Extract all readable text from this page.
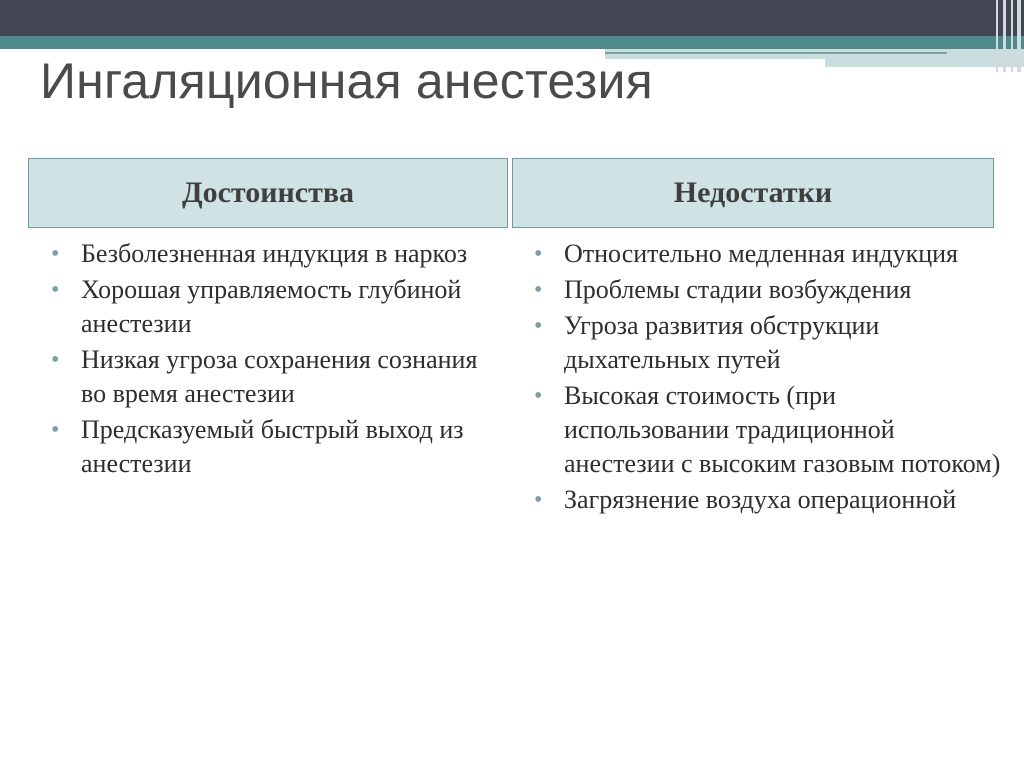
Ингаляционная анестезия
Достоинства	Недостатки
• Безболезненная индукция в наркоз
• Хорошая управляемость глубиной анестезии
• Низкая угроза сохранения сознания во время анестезии
• Предсказуемый быстрый выход из анестезии
• Относительно медленная индукция
• Проблемы стадии возбуждения
• Угроза развития обструкции дыхательных путей
• Высокая стоимость (при использовании традиционной анестезии с высоким газовым потоком)
• Загрязнение воздуха операционной
